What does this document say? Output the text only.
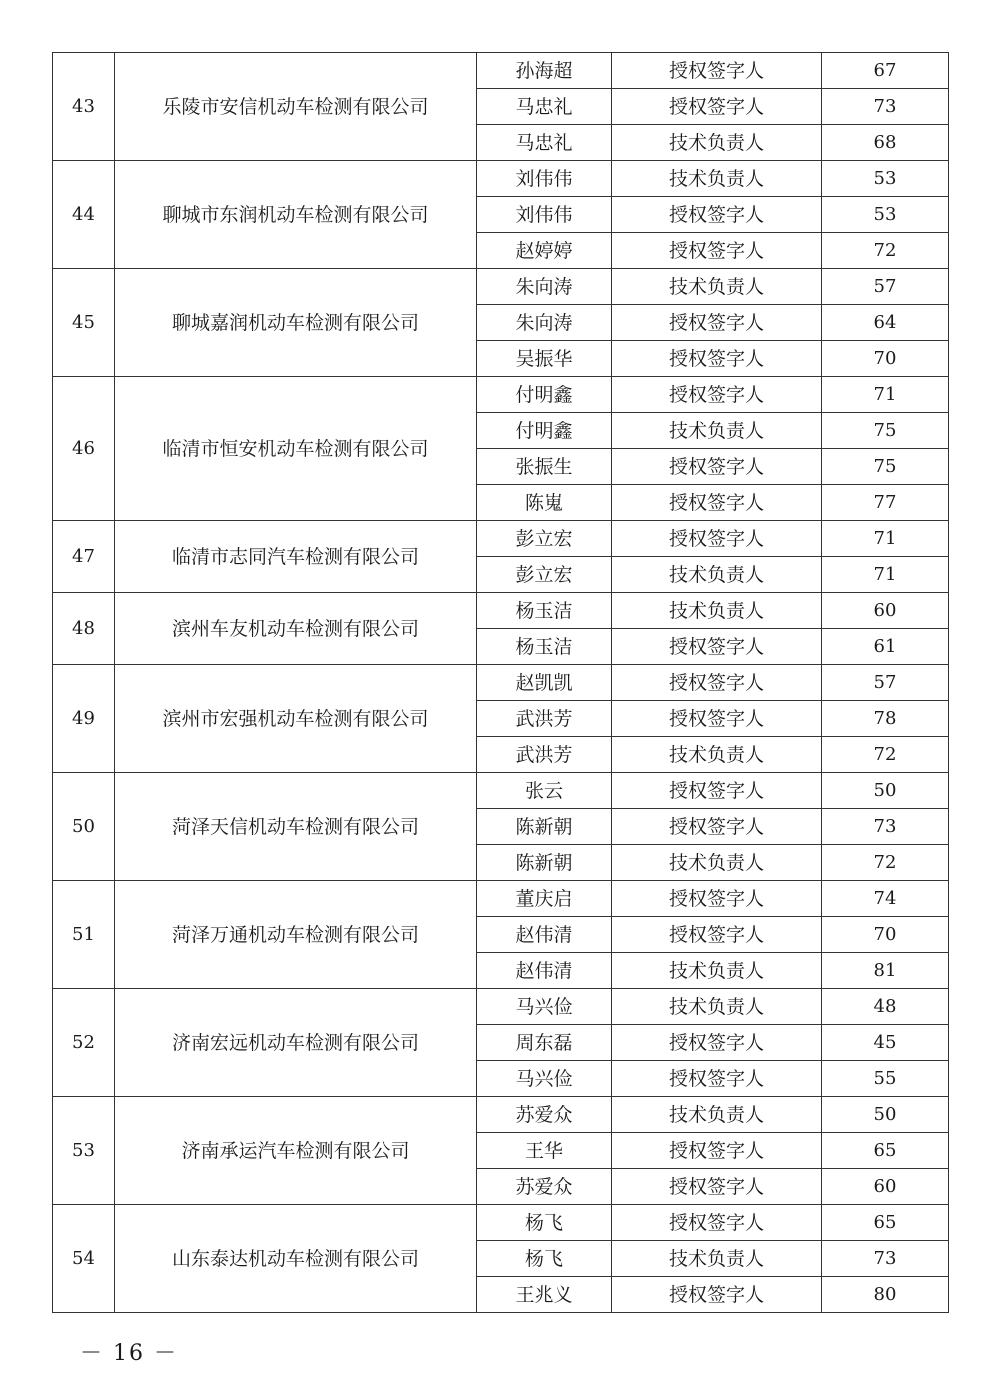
43	乐陵市安信机动车检测有限公司	孙海超	授权签字人	67
		马忠礼	授权签字人	73
		马忠礼	技术负责人	68
44	聊城市东润机动车检测有限公司	刘伟伟	技术负责人	53
		刘伟伟	授权签字人	53
		赵婷婷	授权签字人	72
45	聊城嘉润机动车检测有限公司	朱向涛	技术负责人	57
		朱向涛	授权签字人	64
		吴振华	授权签字人	70
46	临清市恒安机动车检测有限公司	付明鑫	授权签字人	71
		付明鑫	技术负责人	75
		张振生	授权签字人	75
		陈嵬	授权签字人	77
47	临清市志同汽车检测有限公司	彭立宏	授权签字人	71
		彭立宏	技术负责人	71
48	滨州车友机动车检测有限公司	杨玉洁	技术负责人	60
		杨玉洁	授权签字人	61
49	滨州市宏强机动车检测有限公司	赵凯凯	授权签字人	57
		武洪芳	授权签字人	78
		武洪芳	技术负责人	72
50	菏泽天信机动车检测有限公司	张云	授权签字人	50
		陈新朝	授权签字人	73
		陈新朝	技术负责人	72
51	菏泽万通机动车检测有限公司	董庆启	授权签字人	74
		赵伟清	授权签字人	70
		赵伟清	技术负责人	81
52	济南宏远机动车检测有限公司	马兴俭	技术负责人	48
		周东磊	授权签字人	45
		马兴俭	授权签字人	55
53	济南承运汽车检测有限公司	苏爱众	技术负责人	50
		王华	授权签字人	65
		苏爱众	授权签字人	60
54	山东泰达机动车检测有限公司	杨飞	授权签字人	65
		杨飞	技术负责人	73
		王兆义	授权签字人	80
－ 16 －
